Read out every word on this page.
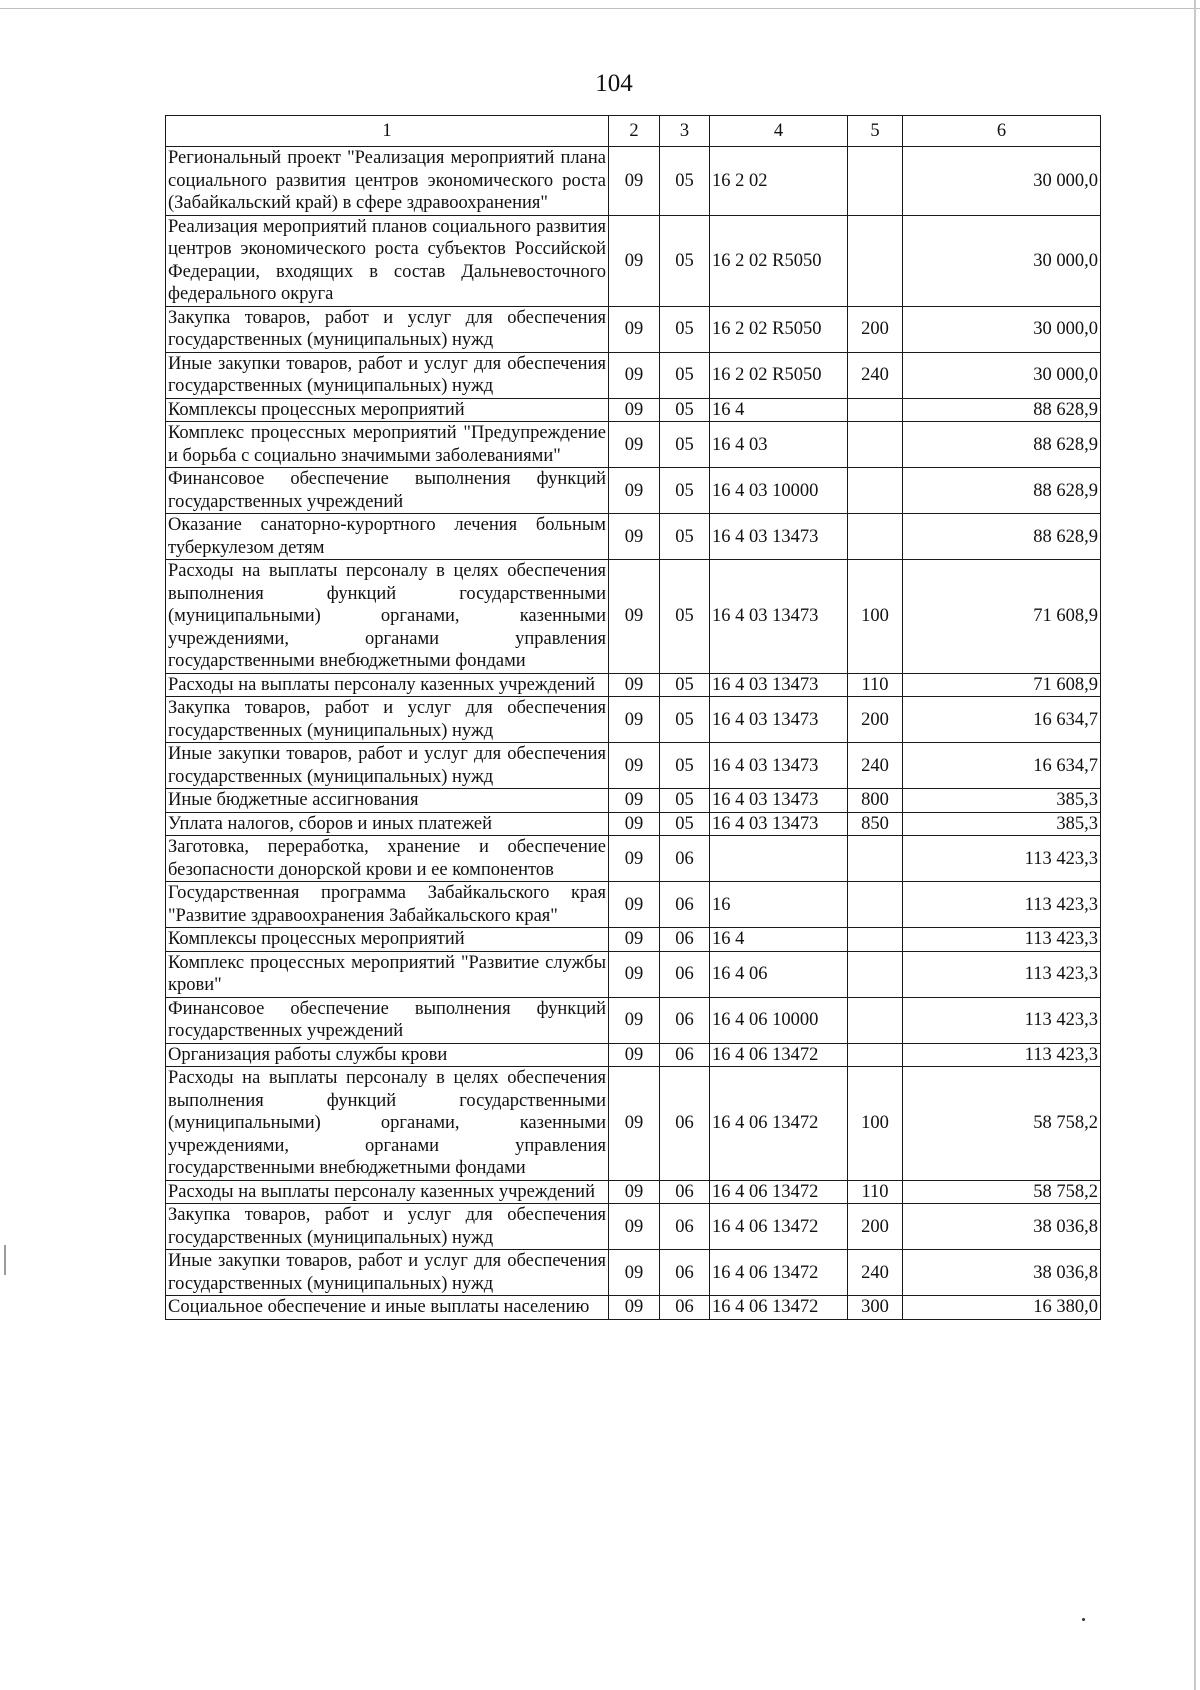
104
1	2	3	4	5	6
Региональный проект "Реализация мероприятий плана социального развития центров экономического роста (Забайкальский край) в сфере здравоохранения"	09	05	16 2 02		30 000,0
Реализация мероприятий планов социального развития центров экономического роста субъектов Российской Федерации, входящих в состав Дальневосточного федерального округа	09	05	16 2 02 R5050		30 000,0
Закупка товаров, работ и услуг для обеспечения государственных (муниципальных) нужд	09	05	16 2 02 R5050	200	30 000,0
Иные закупки товаров, работ и услуг для обеспечения государственных (муниципальных) нужд	09	05	16 2 02 R5050	240	30 000,0
Комплексы процессных мероприятий	09	05	16 4		88 628,9
Комплекс процессных мероприятий "Предупреждение и борьба с социально значимыми заболеваниями"	09	05	16 4 03		88 628,9
Финансовое обеспечение выполнения функций государственных учреждений	09	05	16 4 03 10000		88 628,9
Оказание санаторно-курортного лечения больным туберкулезом детям	09	05	16 4 03 13473		88 628,9
Расходы на выплаты персоналу в целях обеспечения выполнения функций государственными (муниципальными) органами, казенными учреждениями, органами управления государственными внебюджетными фондами	09	05	16 4 03 13473	100	71 608,9
Расходы на выплаты персоналу казенных учреждений	09	05	16 4 03 13473	110	71 608,9
Закупка товаров, работ и услуг для обеспечения государственных (муниципальных) нужд	09	05	16 4 03 13473	200	16 634,7
Иные закупки товаров, работ и услуг для обеспечения государственных (муниципальных) нужд	09	05	16 4 03 13473	240	16 634,7
Иные бюджетные ассигнования	09	05	16 4 03 13473	800	385,3
Уплата налогов, сборов и иных платежей	09	05	16 4 03 13473	850	385,3
Заготовка, переработка, хранение и обеспечение безопасности донорской крови и ее компонентов	09	06			113 423,3
Государственная программа Забайкальского края "Развитие здравоохранения Забайкальского края"	09	06	16		113 423,3
Комплексы процессных мероприятий	09	06	16 4		113 423,3
Комплекс процессных мероприятий "Развитие службы крови"	09	06	16 4 06		113 423,3
Финансовое обеспечение выполнения функций государственных учреждений	09	06	16 4 06 10000		113 423,3
Организация работы службы крови	09	06	16 4 06 13472		113 423,3
Расходы на выплаты персоналу в целях обеспечения выполнения функций государственными (муниципальными) органами, казенными учреждениями, органами управления государственными внебюджетными фондами	09	06	16 4 06 13472	100	58 758,2
Расходы на выплаты персоналу казенных учреждений	09	06	16 4 06 13472	110	58 758,2
Закупка товаров, работ и услуг для обеспечения государственных (муниципальных) нужд	09	06	16 4 06 13472	200	38 036,8
Иные закупки товаров, работ и услуг для обеспечения государственных (муниципальных) нужд	09	06	16 4 06 13472	240	38 036,8
Социальное обеспечение и иные выплаты населению	09	06	16 4 06 13472	300	16 380,0
